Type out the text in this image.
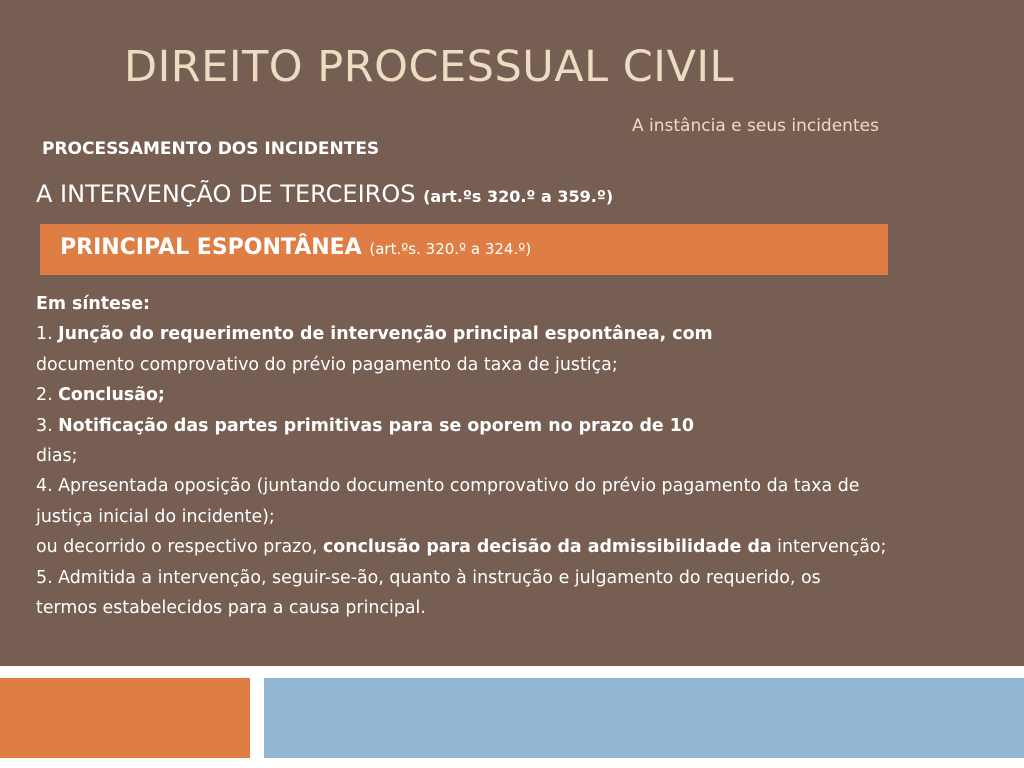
DIREITO PROCESSUAL CIVIL
A instância e seus incidentes
PROCESSAMENTO DOS INCIDENTES
A INTERVENÇÃO DE TERCEIROS (art.ºs 320.º a 359.º)
PRINCIPAL ESPONTÂNEA (art.ºs. 320.º a 324.º)
Em síntese:
1. Junção do requerimento de intervenção principal espontânea, com
documento comprovativo do prévio pagamento da taxa de justiça;
2. Conclusão;
3. Notificação das partes primitivas para se oporem no prazo de 10
dias;
4. Apresentada oposição (juntando documento comprovativo do prévio pagamento da taxa de
justiça inicial do incidente);
ou decorrido o respectivo prazo, conclusão para decisão da admissibilidade da intervenção;
5. Admitida a intervenção, seguir-se-ão, quanto à instrução e julgamento do requerido, os
termos estabelecidos para a causa principal.
